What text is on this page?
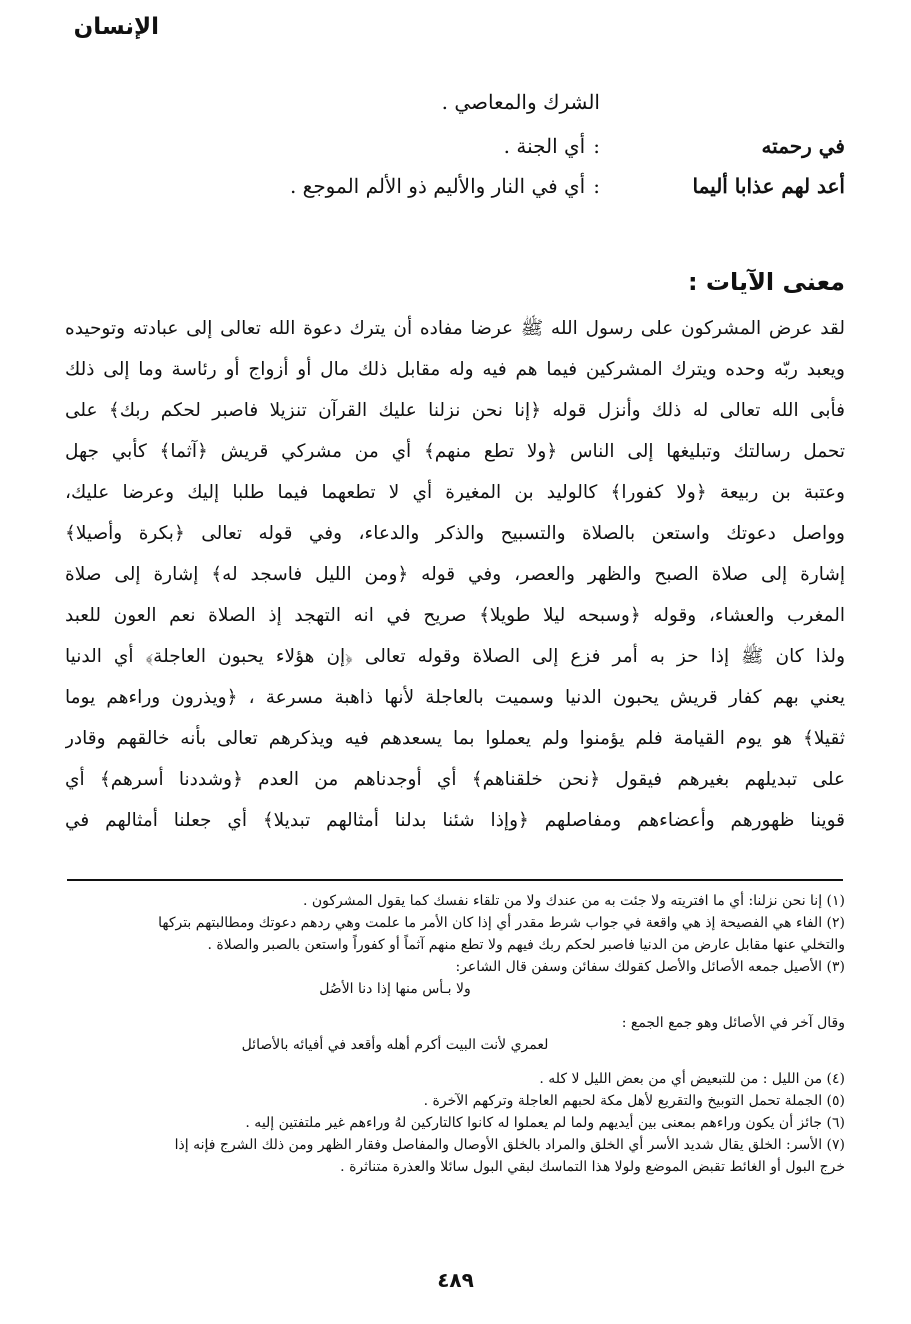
الإنسان
الشرك والمعاصي .
في رحمته:أي الجنة .
أعد لهم عذابا أليما:أي في النار والأليم ذو الألم الموجع .
معنى الآيات :
لقد عرض المشركون على رسول الله ﷺ عرضا مفاده أن يترك دعوة الله تعالى إلى عبادته وتوحيده
ويعبد ربّه وحده ويترك المشركين فيما هم فيه وله مقابل ذلك مال أو أزواج أو رئاسة وما إلى ذلك
فأبى الله تعالى له ذلك وأنزل قوله ﴿إنا نحن نزلنا عليك القرآن تنزيلا فاصبر لحكم ربك﴾ على
تحمل رسالتك وتبليغها إلى الناس ﴿ولا تطع منهم﴾ أي من مشركي قريش ﴿آثما﴾ كأبي جهل
وعتبة بن ربيعة ﴿ولا كفورا﴾ كالوليد بن المغيرة أي لا تطعهما فيما طلبا إليك وعرضا عليك،
وواصل دعوتك واستعن بالصلاة والتسبيح والذكر والدعاء، وفي قوله تعالى ﴿بكرة وأصيلا﴾
إشارة إلى صلاة الصبح والظهر والعصر، وفي قوله ﴿ومن الليل فاسجد له﴾ إشارة إلى صلاة
المغرب والعشاء، وقوله ﴿وسبحه ليلا طويلا﴾ صريح في انه التهجد إذ الصلاة نعم العون للعبد
ولذا كان ﷺ إذا حز به أمر فزع إلى الصلاة وقوله تعالى ﴿إن هؤلاء يحبون العاجلة﴾ أي الدنيا
يعني بهم كفار قريش يحبون الدنيا وسميت بالعاجلة لأنها ذاهبة مسرعة ، ﴿ويذرون وراءهم يوما
ثقيلا﴾ هو يوم القيامة فلم يؤمنوا ولم يعملوا بما يسعدهم فيه ويذكرهم تعالى بأنه خالقهم وقادر
على تبديلهم بغيرهم فيقول ﴿نحن خلقناهم﴾ أي أوجدناهم من العدم ﴿وشددنا أسرهم﴾ أي
قوينا ظهورهم وأعضاءهم ومفاصلهم ﴿وإذا شئنا بدلنا أمثالهم تبديلا﴾ أي جعلنا أمثالهم في
(١) إنا نحن نزلنا: أي ما افتريته ولا جئت به من عندك ولا من تلقاء نفسك كما يقول المشركون .
(٢) الفاء هي الفصيحة إذ هي واقعة في جواب شرط مقدر أي إذا كان الأمر ما علمت وهي ردهم دعوتك ومطالبتهم بتركها
والتخلي عنها مقابل عارض من الدنيا فاصبر لحكم ربك فيهم ولا تطع منهم آثماً أو كفوراً واستعن بالصبر والصلاة .
(٣) الأصيل جمعه الأصائل والأصل كقولك سفائن وسفن قال الشاعر:
ولا بـأس منها إذا دنا الأصُل
وقال آخر في الأصائل وهو جمع الجمع :
لعمري لأنت البيت أكرم أهله وأقعد في أفيائه بالأصائل
(٤) من الليل : من للتبعيض أي من بعض الليل لا كله .
(٥) الجملة تحمل التوبيخ والتقريع لأهل مكة لحبهم العاجلة وتركهم الآخرة .
(٦) جائز أن يكون وراءهم بمعنى بين أيديهم ولما لم يعملوا له كانوا كالتاركين لهُ وراءهم غير ملتفتين إليه .
(٧) الأسر: الخلق يقال شديد الأسر أي الخلق والمراد بالخلق الأوصال والمفاصل وفقار الظهر ومن ذلك الشرج فإنه إذا
خرج البول أو الغائط تقبض الموضع ولولا هذا التماسك لبقي البول سائلا والعذرة متناثرة .
٤٨٩
